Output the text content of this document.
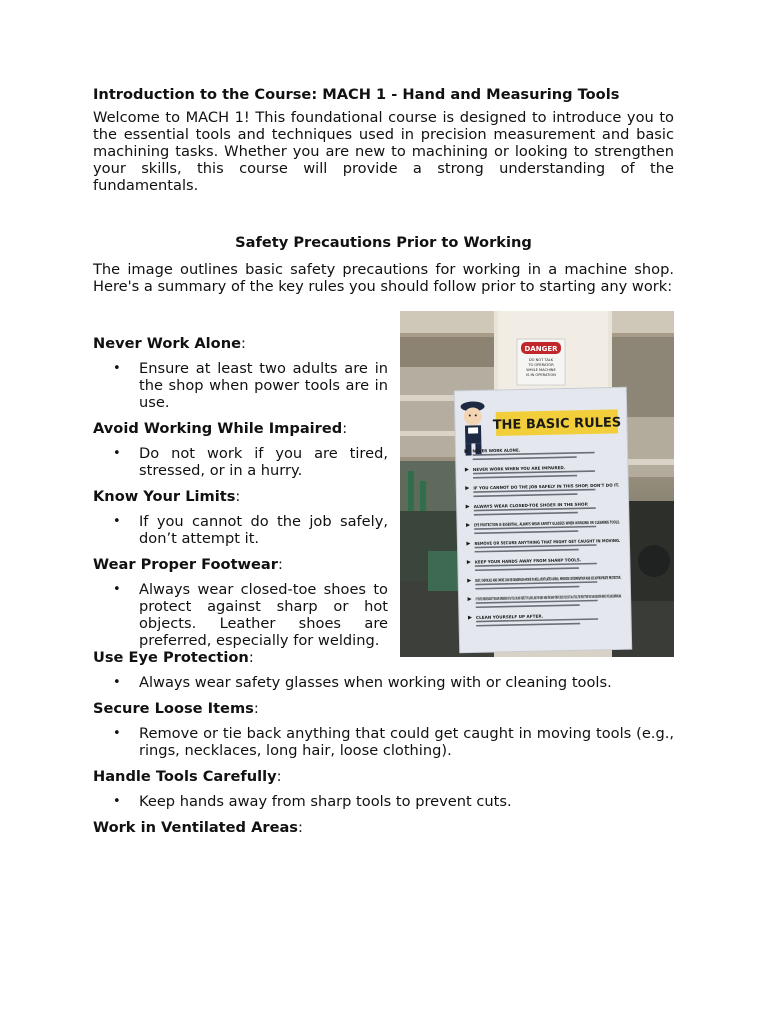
Introduction to the Course: MACH 1 - Hand and Measuring Tools

Welcome to MACH 1! This foundational course is designed to introduce you to the essential tools and techniques used in precision measurement and basic machining tasks. Whether you are new to machining or looking to strengthen your skills, this course will provide a strong understanding of the fundamentals.

Safety Precautions Prior to Working

The image outlines basic safety precautions for working in a machine shop. Here's a summary of the key rules you should follow prior to starting any work:

DANGER
DO NOT TALK
TO OPERATOR
WHILE MACHINE
IS IN OPERATION
THE BASIC RULES
NEVER WORK ALONE.
NEVER WORK WHEN YOU ARE IMPAIRED.
IF YOU CANNOT DO THE JOB SAFELY IN THIS SHOP, DON'T DO IT.
ALWAYS WEAR CLOSED-TOE SHOES IN THE SHOP.
EYE PROTECTION IS ESSENTIAL. ALWAYS WEAR SAFETY GLASSES WHEN WORKING OR CLEANING TOOLS.
REMOVE OR SECURE ANYTHING THAT MIGHT GET CAUGHT IN MOVING.
KEEP YOUR HANDS AWAY FROM SHARP TOOLS.
CLEAN YOURSELF UP AFTER.

Never Work Alone:

• Ensure at least two adults are in the shop when power tools are in use.

Avoid Working While Impaired:

• Do not work if you are tired, stressed, or in a hurry.

Know Your Limits:

• If you cannot do the job safely, don’t attempt it.

Wear Proper Footwear:

• Always wear closed-toe shoes to protect against sharp or hot objects. Leather shoes are preferred, especially for welding.

Use Eye Protection:

• Always wear safety glasses when working with or cleaning tools.

Secure Loose Items:

• Remove or tie back anything that could get caught in moving tools (e.g., rings, necklaces, long hair, loose clothing).

Handle Tools Carefully:

• Keep hands away from sharp tools to prevent cuts.

Work in Ventilated Areas:
